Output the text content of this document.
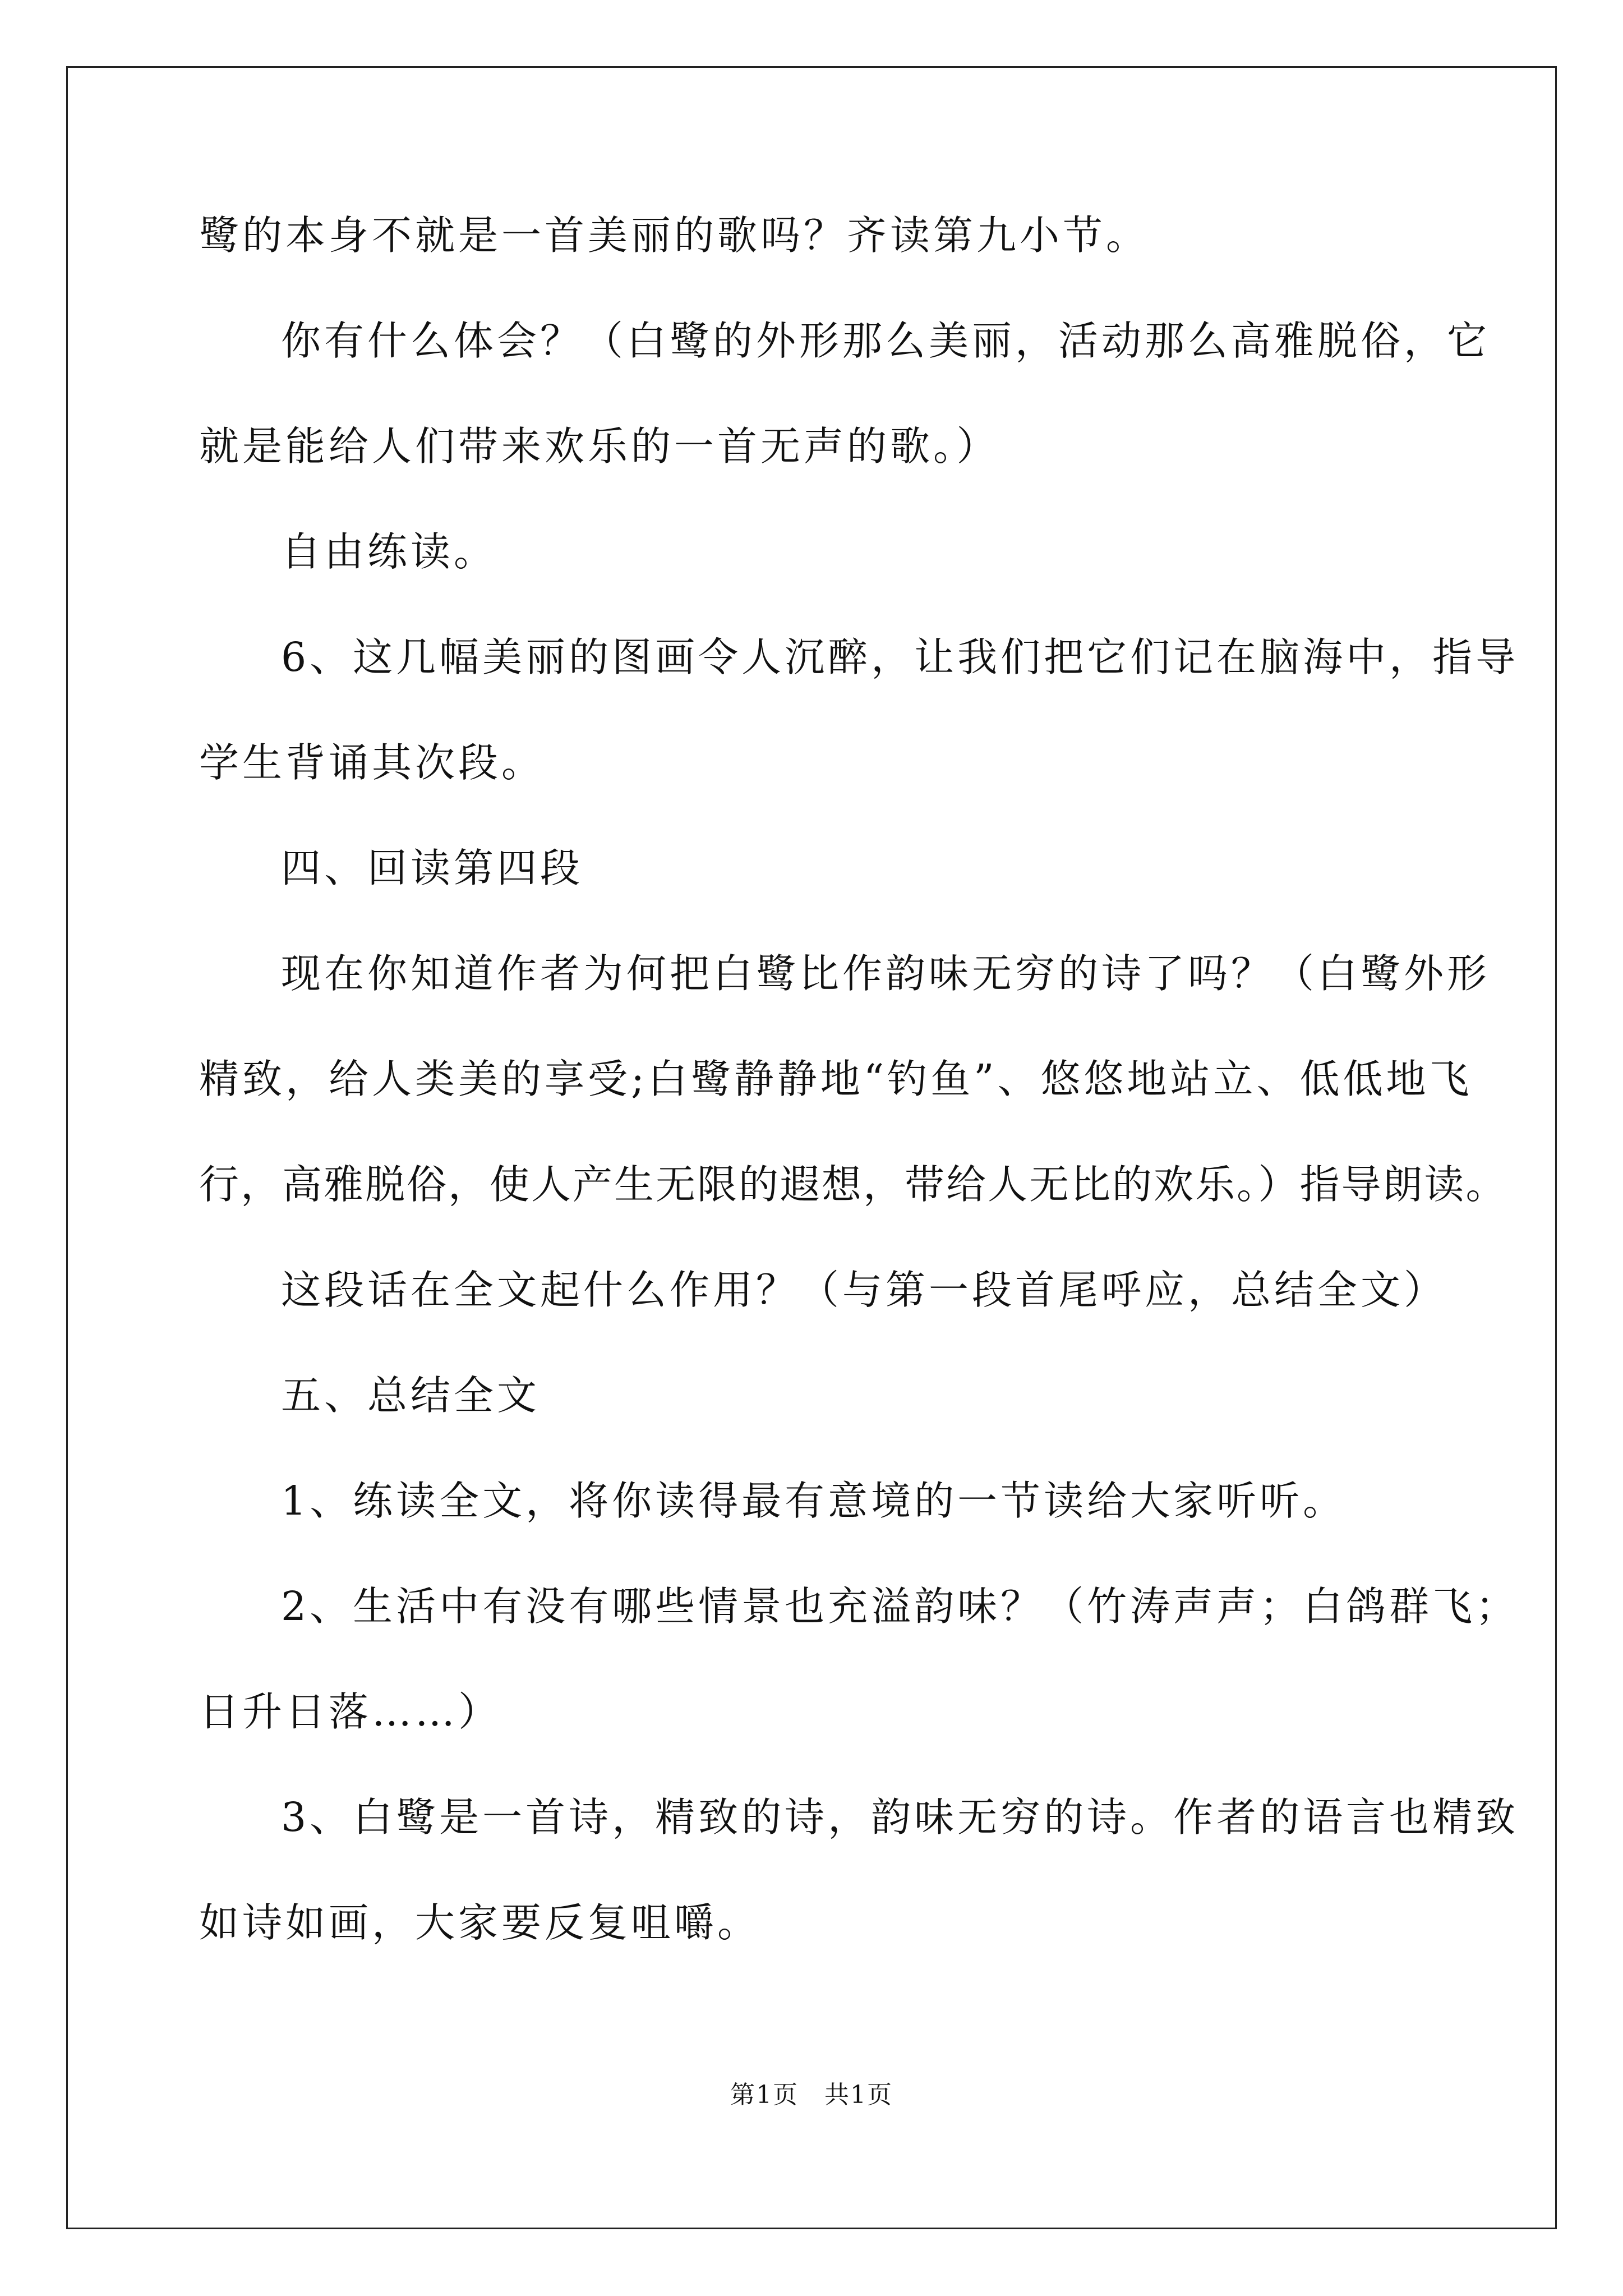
鹭的本身不就是一首美丽的歌吗？齐读第九小节。
你有什么体会？（白鹭的外形那么美丽，活动那么高雅脱俗，它
就是能给人们带来欢乐的一首无声的歌。）
自由练读。
6、这几幅美丽的图画令人沉醉，让我们把它们记在脑海中，指导
学生背诵其次段。
四、回读第四段
现在你知道作者为何把白鹭比作韵味无穷的诗了吗？（白鹭外形
精致，给人类美的享受;白鹭静静地“钓鱼”、悠悠地站立、低低地飞
行，高雅脱俗，使人产生无限的遐想，带给人无比的欢乐。）指导朗读。
这段话在全文起什么作用？（与第一段首尾呼应，总结全文）
五、总结全文
1、练读全文，将你读得最有意境的一节读给大家听听。
2、生活中有没有哪些情景也充溢韵味？（竹涛声声；白鸽群飞；
日升日落……）
3、白鹭是一首诗，精致的诗，韵味无穷的诗。作者的语言也精致
如诗如画，大家要反复咀嚼。
第1页　共1页
